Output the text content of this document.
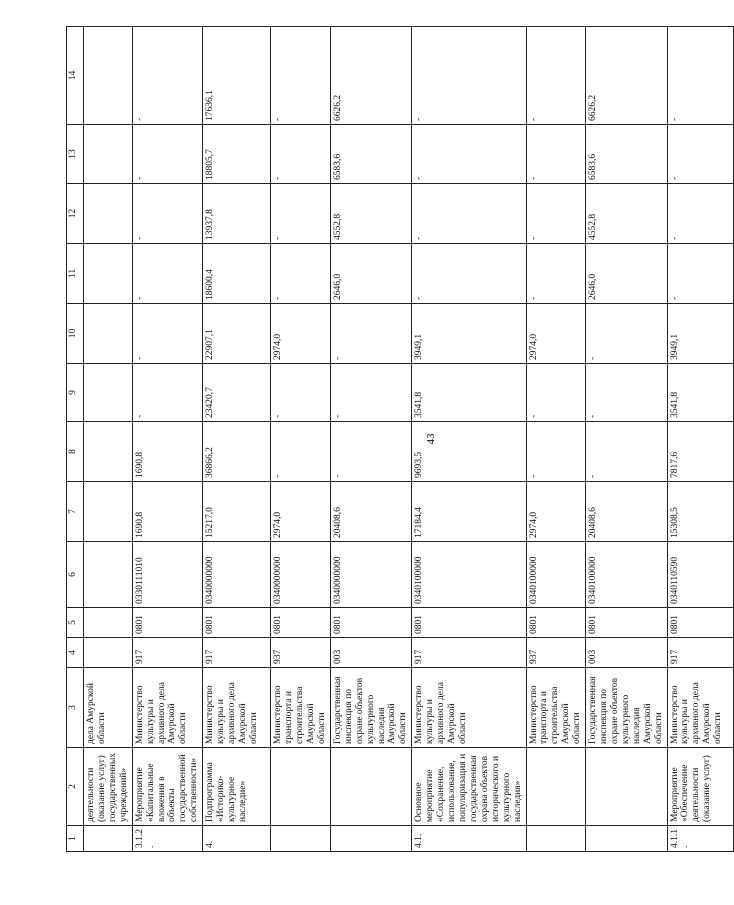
43
1	2	3	4	5	6	7	8	9	10	11	12	13	14
	деятельности (оказание услуг) государственных учреждений»	дела Амурской области											
3.1.2.	Мероприятие «Капитальные вложения в объекты государственной собственности»	Министерство культуры и архивного дела Амурской области	917	0801	0330111010	1690,8	1690,8	-	-	-	-	-	-
4.	Подпрограмма «Историко-культурное наследие»	Министерство культуры и архивного дела Амурской области	917	0801	0340000000	15217,0	36866,2	23420,7	22907,1	18600,4	13937,8	18805,7	17636,1
		Министерство транспорта и строительства Амурской области	937	0801	0340000000	2974,0	-	-	2974,0	-	-	-	-
		Государственная инспекция по охране объектов культурного наследия Амурской области	003	0801	0340000000	20408,6	-	-	-	2646,0	4552,8	6583,6	6626,2
4.1.	Основное мероприятие «Сохранение, использование, популяризация и государственная охрана объектов исторического и культурного наследия»	Министерство культуры и архивного дела Амурской области	917	0801	0340100000	17184,4	9693,5	3541,8	3949,1	-	-	-	-
		Министерство транспорта и строительства Амурской области	937	0801	0340100000	2974,0	-	-	2974,0	-	-	-	-
		Государственная инспекция по охране объектов культурного наследия Амурской области	003	0801	0340100000	20408,6	-	-	-	2646,0	4552,8	6583,6	6626,2
4.1.1.	Мероприятие «Обеспечение деятельности (оказание услуг)	Министерство культуры и архивного дела Амурской области	917	0801	0340110590	15308,5	7817,6	3541,8	3949,1	-	-	-	-
